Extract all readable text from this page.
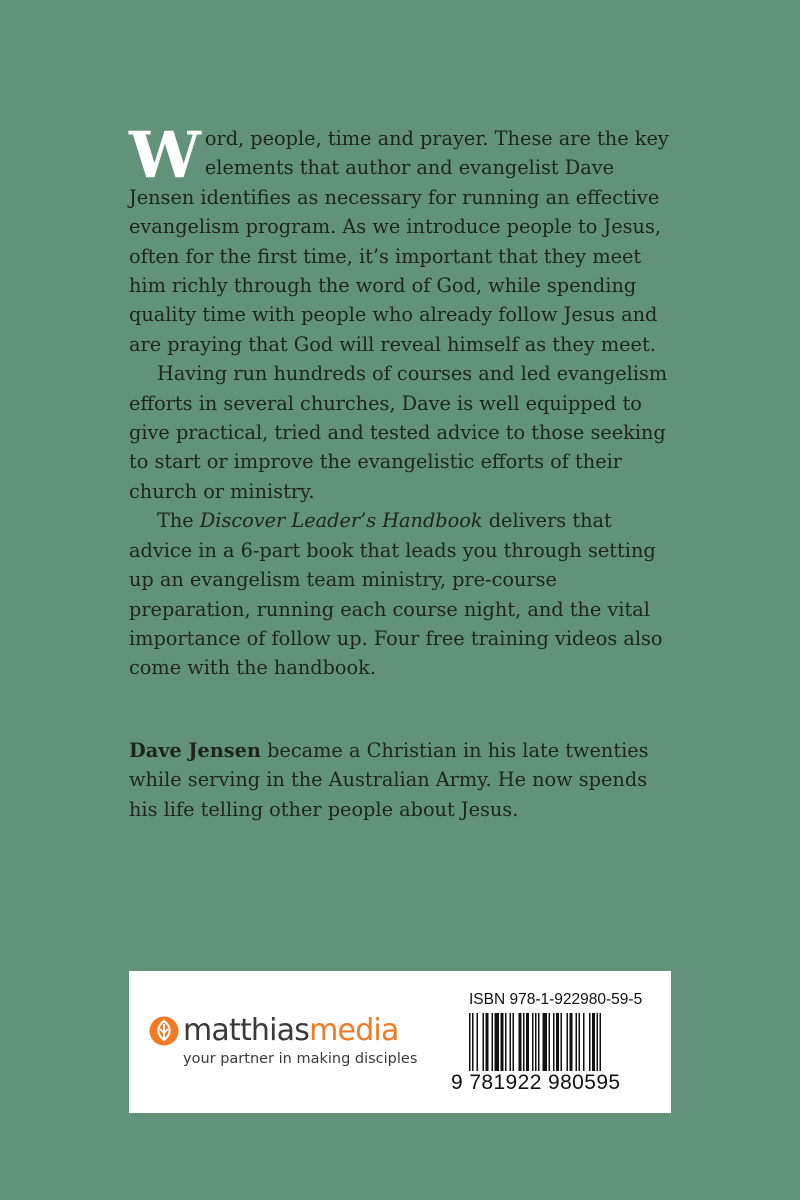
Word, people, time and prayer. These are the key elements that author and evangelist Dave Jensen identifies as necessary for running an effective evangelism program. As we introduce people to Jesus, often for the first time, it’s important that they meet him richly through the word of God, while spending quality time with people who already follow Jesus and are praying that God will reveal himself as they meet.

Having run hundreds of courses and led evangelism efforts in several churches, Dave is well equipped to give practical, tried and tested advice to those seeking to start or improve the evangelistic efforts of their church or ministry.

The Discover Leader’s Handbook delivers that advice in a 6-part book that leads you through setting up an evangelism team ministry, pre-course preparation, running each course night, and the vital importance of follow up. Four free training videos also come with the handbook.

Dave Jensen became a Christian in his late twenties while serving in the Australian Army. He now spends his life telling other people about Jesus.

matthiasmedia
your partner in making disciples
ISBN 978-1-922980-59-5
9 781922 980595
